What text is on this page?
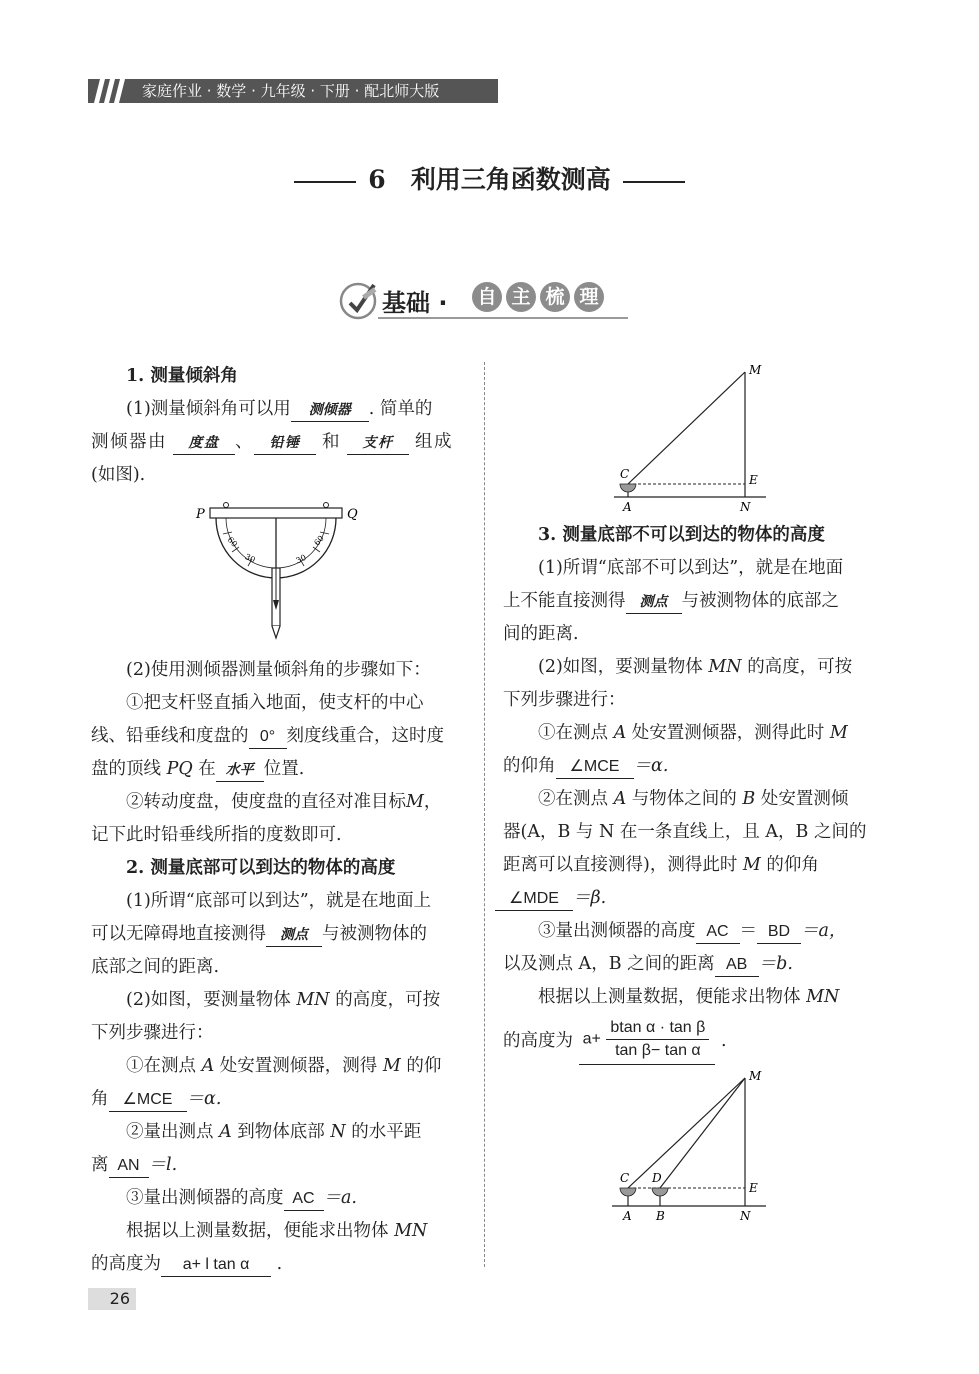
家庭作业 · 数学 · 九年级 · 下册 · 配北师大版
6　利用三角函数测高
基础 · 自 主 梳 理

1. 测量倾斜角

(1)测量倾斜角可以用 测倾器 . 简单的

测倾器由 度盘 、 铅锤 和 支杆 组成

(如图).

P	Q
60
30	30
60

(2)使用测倾器测量倾斜角的步骤如下：

①把支杆竖直插入地面，使支杆的中心

线、铅垂线和度盘的 0° 刻度线重合，这时度

盘的顶线 PQ 在 水平 位置.

②转动度盘，使度盘的直径对准目标M，

记下此时铅垂线所指的度数即可.

2. 测量底部可以到达的物体的高度

(1)所谓“底部可以到达”，就是在地面上

可以无障碍地直接测得 测点 与被测物体的

底部之间的距离.

(2)如图，要测量物体 MN 的高度，可按

下列步骤进行：

①在测点 A 处安置测倾器，测得 M 的仰

角 ∠MCE ＝α.

②量出测点 A 到物体底部 N 的水平距

离 AN ＝l.

③量出测倾器的高度 AC ＝a.

根据以上测量数据，便能求出物体 MN

的高度为 a+ l tan α .

M
C	E
A	N

3. 测量底部不可以到达的物体的高度

(1)所谓“底部不可以到达”，就是在地面

上不能直接测得 测点 与被测物体的底部之

间的距离.

(2)如图，要测量物体 MN 的高度，可按

下列步骤进行：

①在测点 A 处安置测倾器，测得此时 M

的仰角 ∠MCE ＝α.

②在测点 A 与物体之间的 B 处安置测倾

器(A，B 与 N 在一条直线上，且 A，B 之间的

距离可以直接测得)，测得此时 M 的仰角

∠MDE ＝β.

③量出测倾器的高度 AC ＝ BD ＝a，

以及测点 A，B 之间的距离 AB ＝b.

根据以上测量数据，便能求出物体 MN

的高度为 $a+ \frac{\text{btan α · tan β}}{\text{tan β− tan α}}$ .

M
C D
E
A B	N
26
